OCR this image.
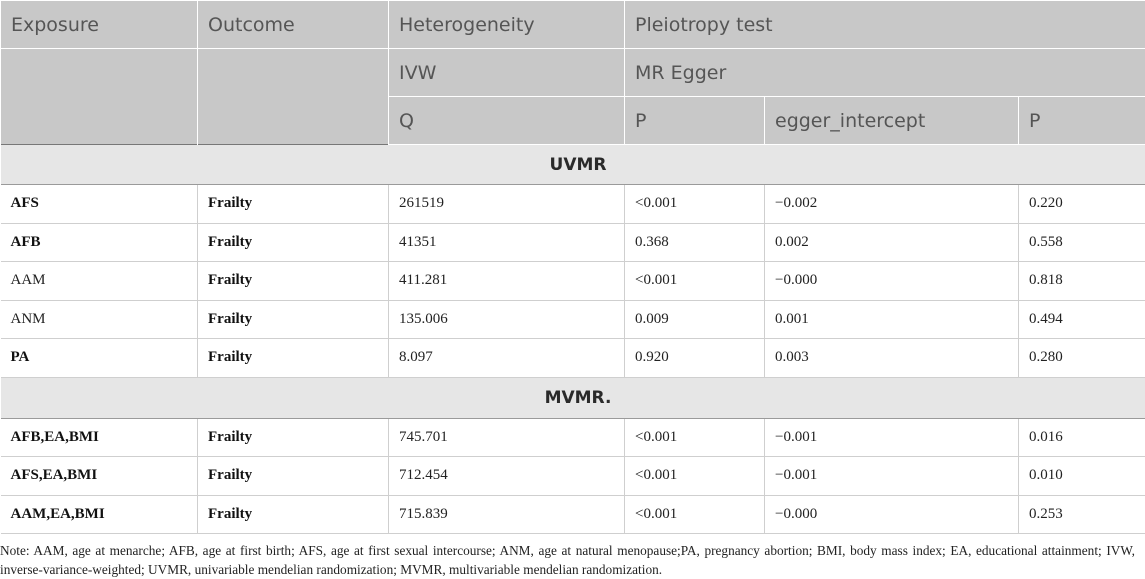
Exposure	Outcome	Heterogeneity	Pleiotropy test		
		IVW	MR Egger		
		Q	P	egger_intercept	P
UVMR					
AFS	Frailty	261519	<0.001	−0.002	0.220
AFB	Frailty	41351	0.368	0.002	0.558
AAM	Frailty	411.281	<0.001	−0.000	0.818
ANM	Frailty	135.006	0.009	0.001	0.494
PA	Frailty	8.097	0.920	0.003	0.280
MVMR.					
AFB,EA,BMI	Frailty	745.701	<0.001	−0.001	0.016
AFS,EA,BMI	Frailty	712.454	<0.001	−0.001	0.010
AAM,EA,BMI	Frailty	715.839	<0.001	−0.000	0.253

Note: AAM, age at menarche; AFB, age at first birth; AFS, age at first sexual intercourse; ANM, age at natural menopause;PA, pregnancy abortion; BMI, body mass index; EA, educational attainment; IVW, inverse-variance-weighted; UVMR, univariable mendelian randomization; MVMR, multivariable mendelian randomization.
